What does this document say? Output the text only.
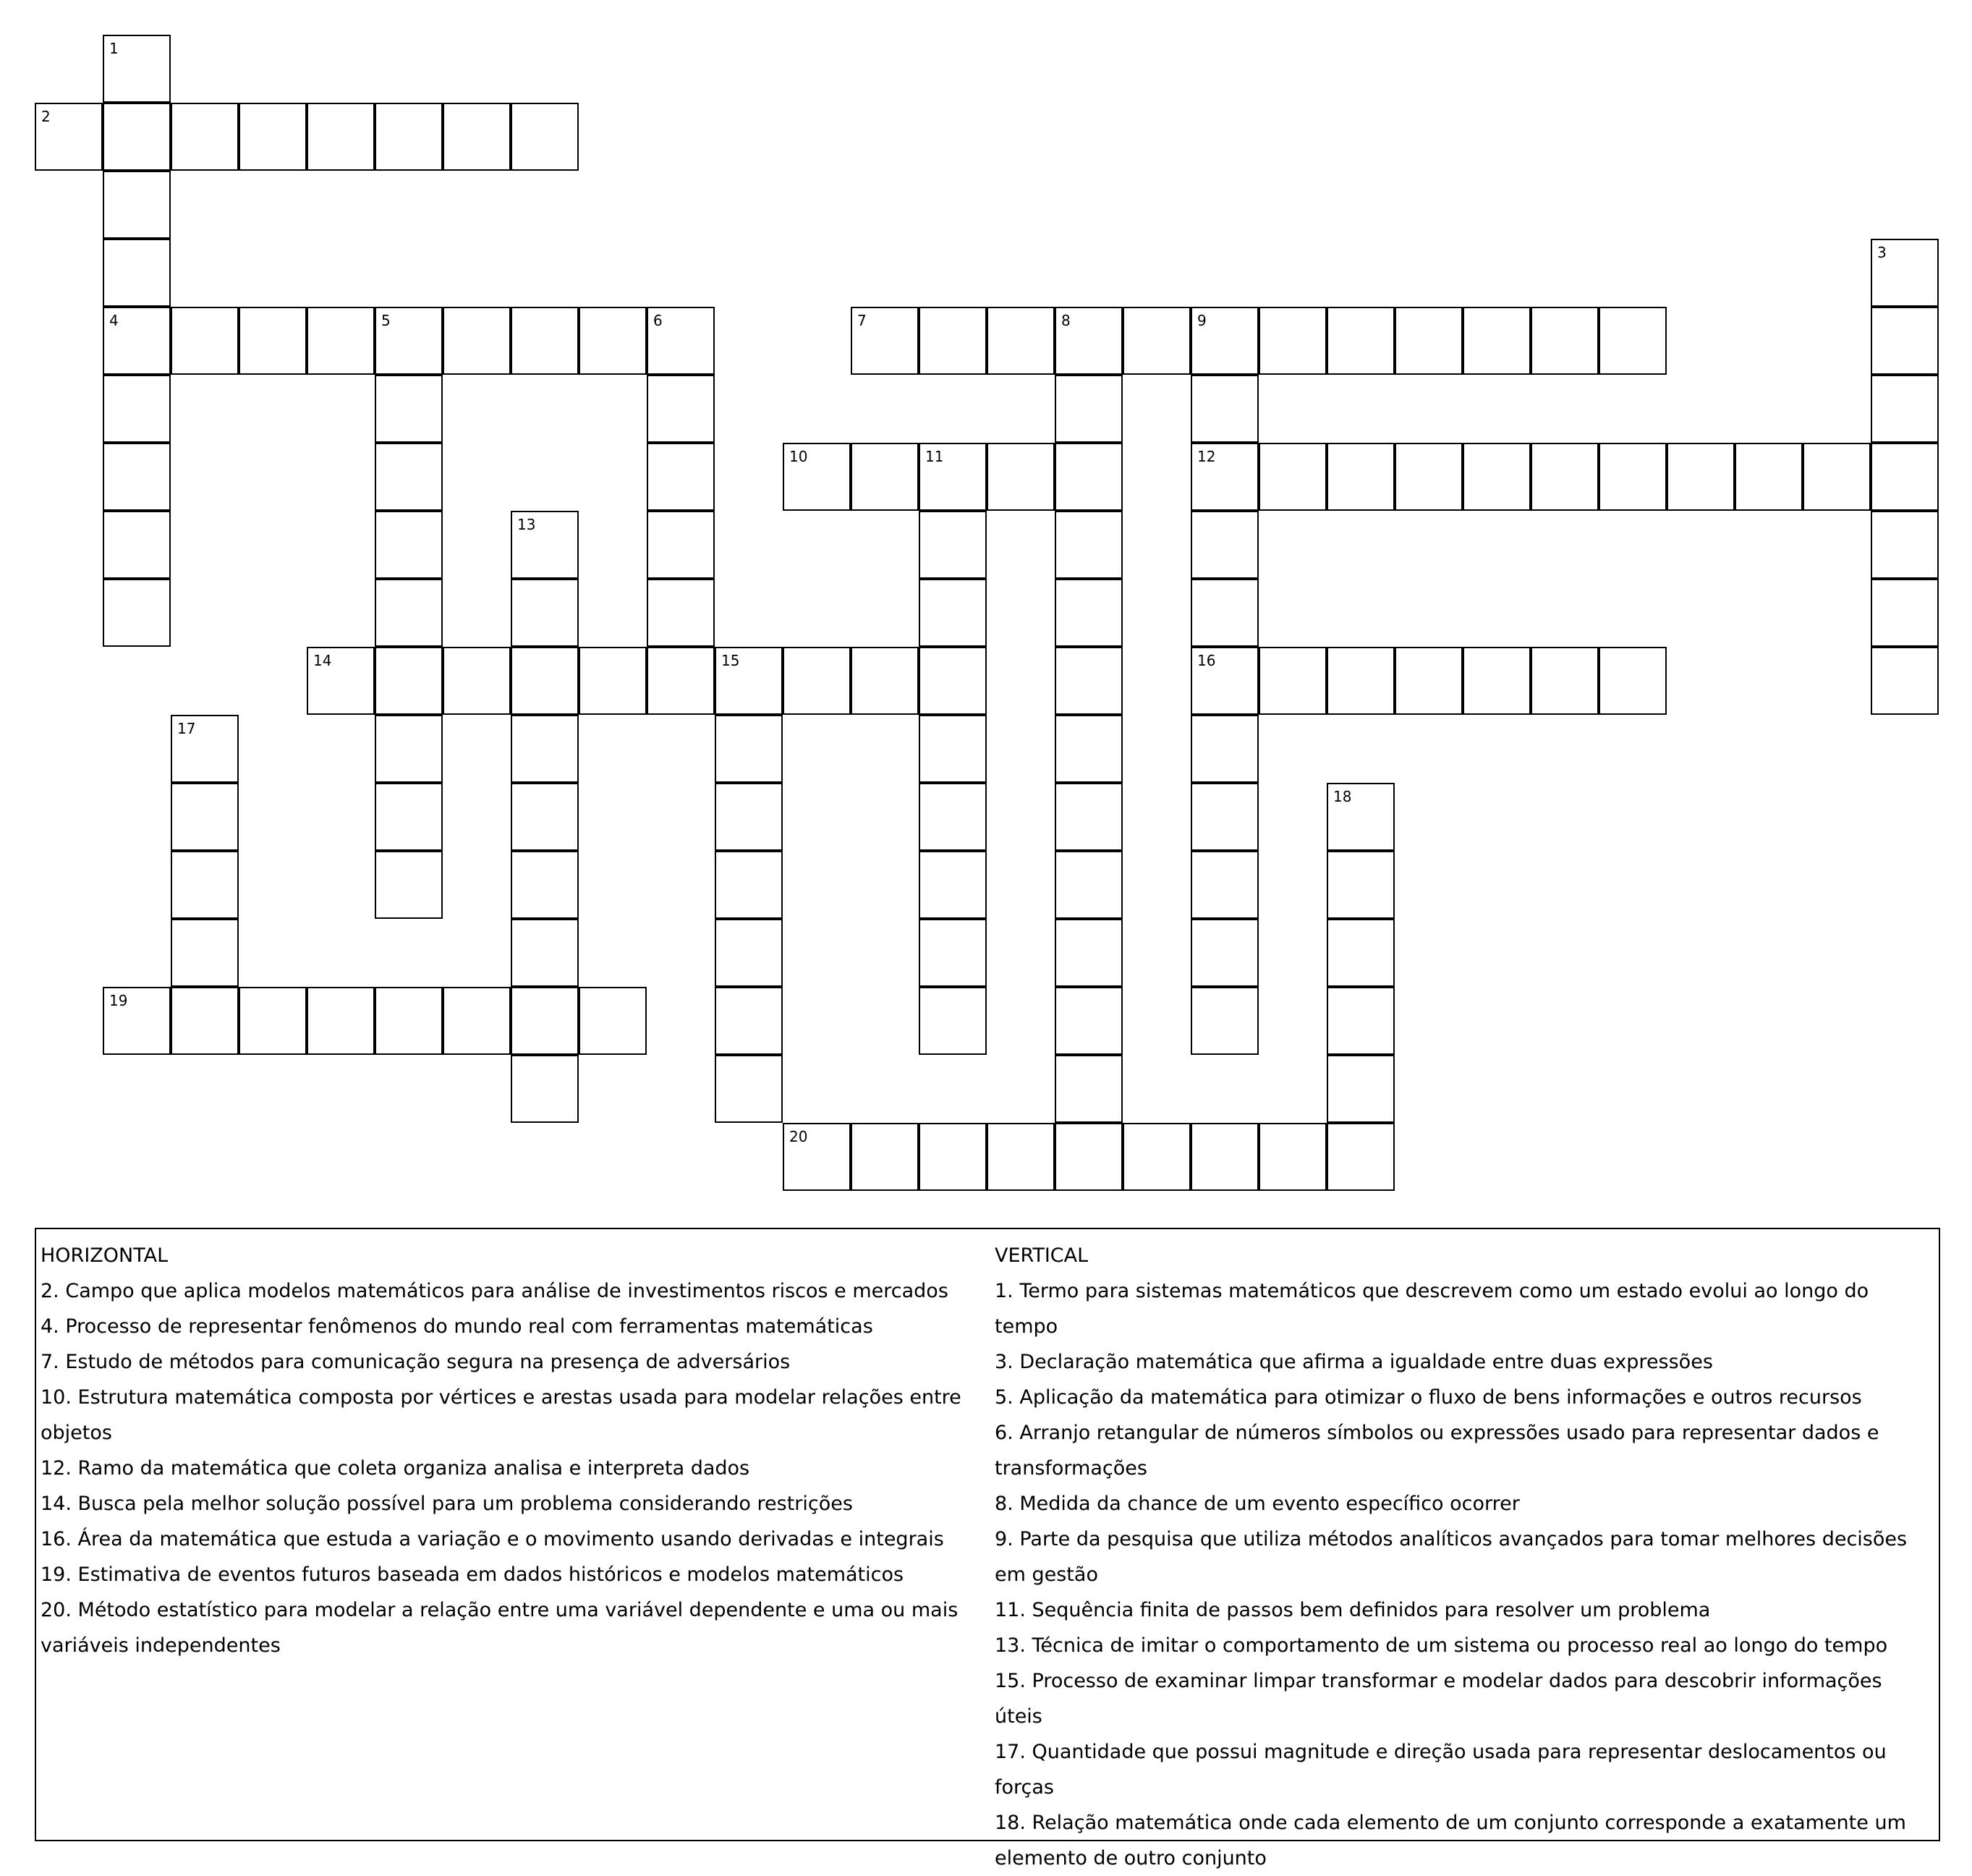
1
2
3
4	5	6	7	8	9
10	11	12
13
14	15	16
17
18
19
20
HORIZONTAL
2. Campo que aplica modelos matemáticos para análise de investimentos riscos e mercados
4. Processo de representar fenômenos do mundo real com ferramentas matemáticas
7. Estudo de métodos para comunicação segura na presença de adversários
10. Estrutura matemática composta por vértices e arestas usada para modelar relações entre objetos
12. Ramo da matemática que coleta organiza analisa e interpreta dados
14. Busca pela melhor solução possível para um problema considerando restrições
16. Área da matemática que estuda a variação e o movimento usando derivadas e integrais
19. Estimativa de eventos futuros baseada em dados históricos e modelos matemáticos
20. Método estatístico para modelar a relação entre uma variável dependente e uma ou mais variáveis independentes
VERTICAL
1. Termo para sistemas matemáticos que descrevem como um estado evolui ao longo do tempo
3. Declaração matemática que afirma a igualdade entre duas expressões
5. Aplicação da matemática para otimizar o fluxo de bens informações e outros recursos
6. Arranjo retangular de números símbolos ou expressões usado para representar dados e transformações
8. Medida da chance de um evento específico ocorrer
9. Parte da pesquisa que utiliza métodos analíticos avançados para tomar melhores decisões em gestão
11. Sequência finita de passos bem definidos para resolver um problema
13. Técnica de imitar o comportamento de um sistema ou processo real ao longo do tempo
15. Processo de examinar limpar transformar e modelar dados para descobrir informações úteis
17. Quantidade que possui magnitude e direção usada para representar deslocamentos ou forças
18. Relação matemática onde cada elemento de um conjunto corresponde a exatamente um elemento de outro conjunto
